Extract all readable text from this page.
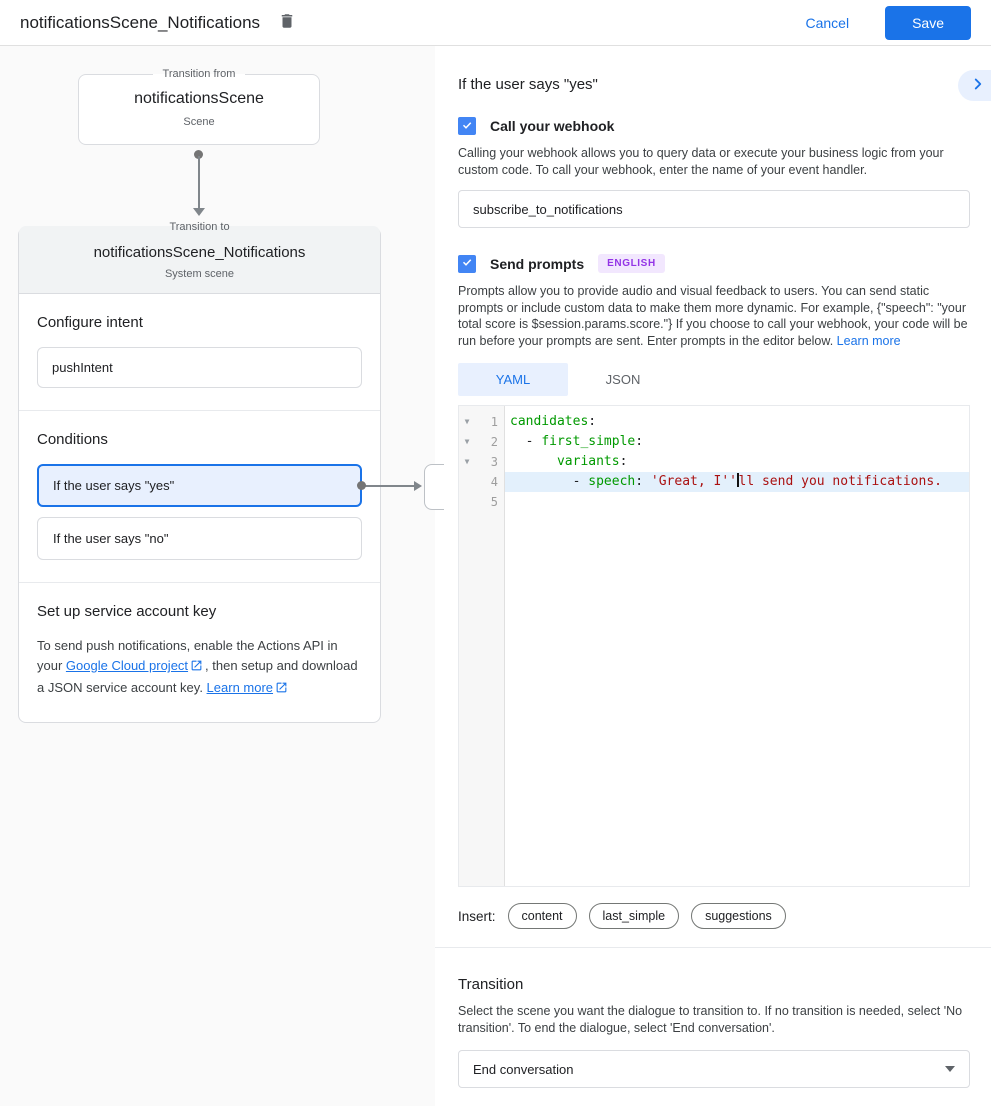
notificationsScene_Notifications	Cancel	Save
Transition from
notificationsScene
Scene
Transition to
notificationsScene_Notifications
System scene
Configure intent
pushIntent
Conditions
If the user says "yes"
If the user says "no"
Set up service account key

To send push notifications, enable the Actions API in your Google Cloud project , then setup and download a JSON service account key. Learn more

If the user says "yes"
Call your webhook

Calling your webhook allows you to query data or execute your business logic from your custom code. To call your webhook, enter the name of your event handler.

subscribe_to_notifications
Send prompts	ENGLISH

Prompts allow you to provide audio and visual feedback to users. You can send static prompts or include custom data to make them more dynamic. For example, {"speech": "your total score is $session.params.score."} If you choose to call your webhook, your code will be run before your prompts are sent. Enter prompts in the editor below. Learn more

YAML	JSON
▼	1
▼	2
▼	3
4
5
candidates:
- first_simple:
variants:
- speech: 'Great, I'' ll send you notifications.
Insert:	content	last_simple	suggestions
Transition

Select the scene you want the dialogue to transition to. If no transition is needed, select 'No transition'. To end the dialogue, select 'End conversation'.

End conversation
